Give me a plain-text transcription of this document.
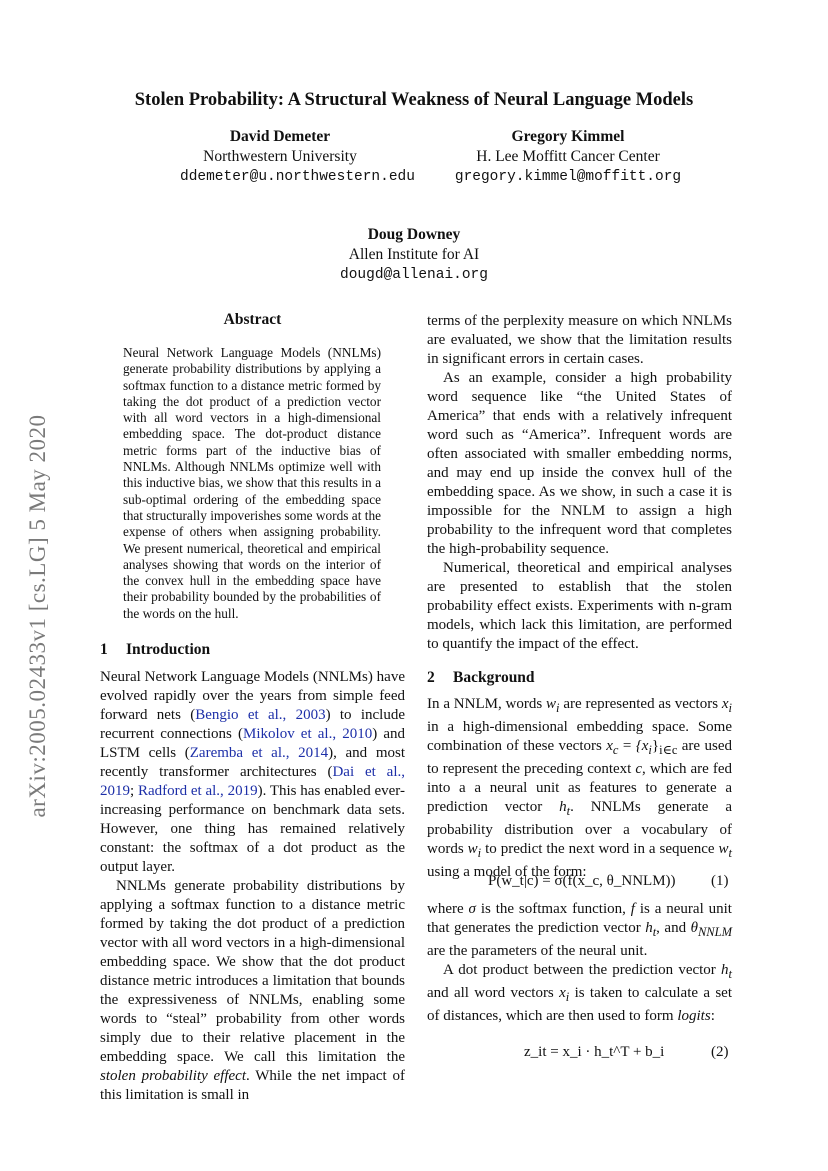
arXiv:2005.02433v1 [cs.LG] 5 May 2020
Stolen Probability: A Structural Weakness of Neural Language Models
David Demeter
Northwestern University
ddemeter@u.northwestern.edu
Gregory Kimmel
H. Lee Moffitt Cancer Center
gregory.kimmel@moffitt.org
Doug Downey
Allen Institute for AI
dougd@allenai.org
Abstract
Neural Network Language Models (NNLMs) generate probability distributions by applying a softmax function to a distance metric formed by taking the dot product of a prediction vector with all word vectors in a high-dimensional embedding space. The dot-product distance metric forms part of the inductive bias of NNLMs. Although NNLMs optimize well with this inductive bias, we show that this results in a sub-optimal ordering of the embedding space that structurally impoverishes some words at the expense of others when assigning probability. We present numerical, theoretical and empirical analyses showing that words on the interior of the convex hull in the embedding space have their probability bounded by the probabilities of the words on the hull.
1 Introduction

Neural Network Language Models (NNLMs) have evolved rapidly over the years from simple feed forward nets (Bengio et al., 2003) to include recurrent connections (Mikolov et al., 2010) and LSTM cells (Zaremba et al., 2014), and most recently transformer architectures (Dai et al., 2019; Radford et al., 2019). This has enabled ever-increasing performance on benchmark data sets. However, one thing has remained relatively constant: the softmax of a dot product as the output layer.

NNLMs generate probability distributions by applying a softmax function to a distance metric formed by taking the dot product of a prediction vector with all word vectors in a high-dimensional embedding space. We show that the dot product distance metric introduces a limitation that bounds the expressiveness of NNLMs, enabling some words to “steal” probability from other words simply due to their relative placement in the embedding space. We call this limitation the stolen probability effect. While the net impact of this limitation is small in

terms of the perplexity measure on which NNLMs are evaluated, we show that the limitation results in significant errors in certain cases.

As an example, consider a high probability word sequence like “the United States of America” that ends with a relatively infrequent word such as “America”. Infrequent words are often associated with smaller embedding norms, and may end up inside the convex hull of the embedding space. As we show, in such a case it is impossible for the NNLM to assign a high probability to the infrequent word that completes the high-probability sequence.

Numerical, theoretical and empirical analyses are presented to establish that the stolen probability effect exists. Experiments with n-gram models, which lack this limitation, are performed to quantify the impact of the effect.

2 Background

In a NNLM, words $w_i$ are represented as vectors $x_i$ in a high-dimensional embedding space. Some combination of these vectors $x_c = \{x_i\}_{i\in c}$ are used to represent the preceding context c, which are fed into a a neural unit as features to generate a prediction vector $h_t$. NNLMs generate a probability distribution over a vocabulary of words $w_i$ to predict the next word in a sequence $w_t$ using a model of the form:

P(w_t|c) = σ(f(x_c, θ_NNLM)) (1)

where σ is the softmax function, f is a neural unit that generates the prediction vector $h_t$, and $\theta_{NNLM}$ are the parameters of the neural unit.

A dot product between the prediction vector $h_t$ and all word vectors $x_i$ is taken to calculate a set of distances, which are then used to form logits:

z_it = x_i · h_t^T + b_i	(2)
